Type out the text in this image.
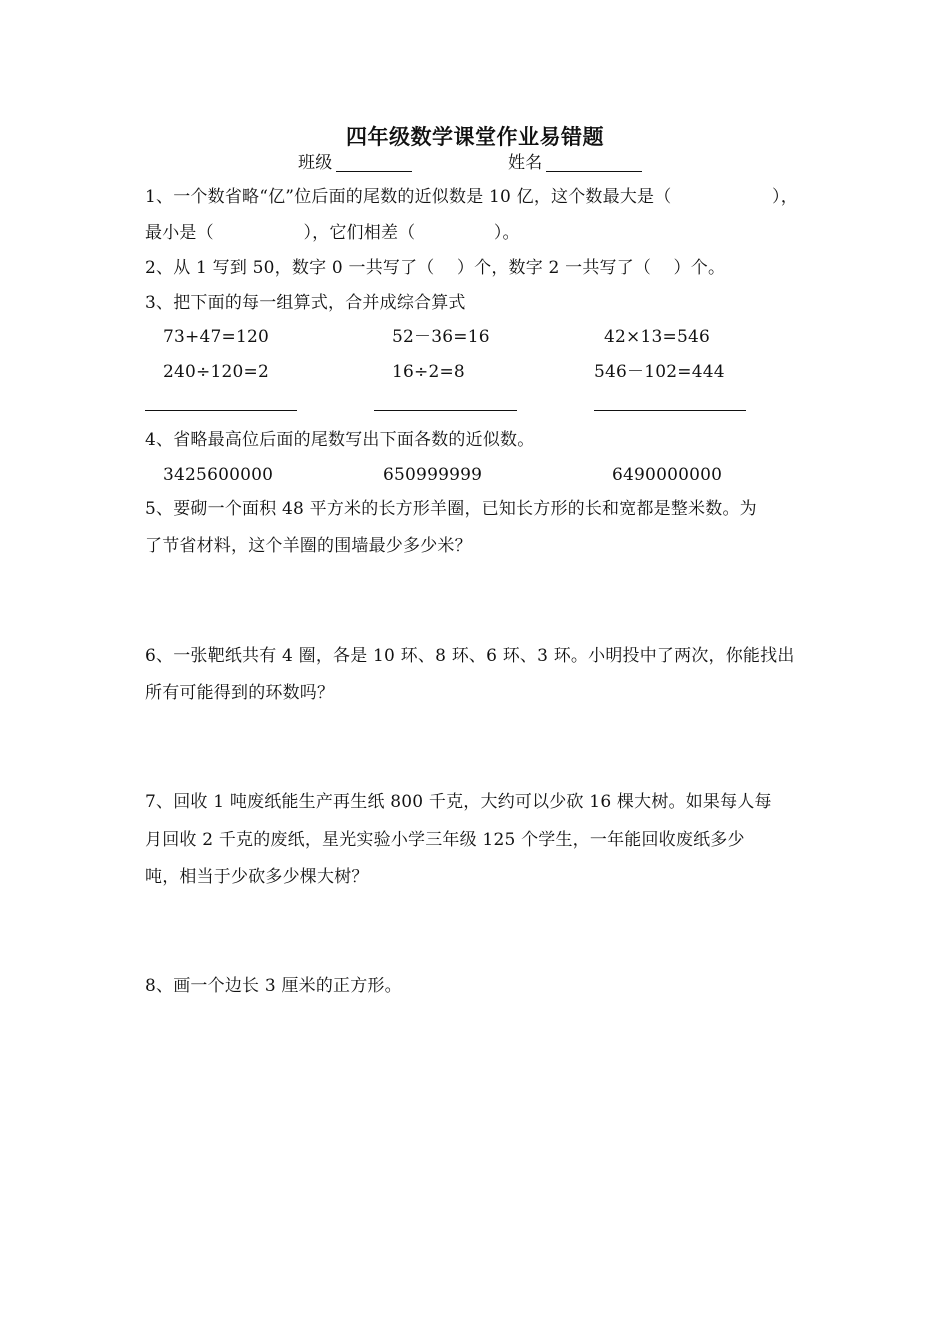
四年级数学课堂作业易错题
班级	姓名
1、一个数省略“亿”位后面的尾数的近似数是 10 亿，这个数最大是（	），
最小是（                ），它们相差（              ）。
2、从 1 写到 50，数字 0 一共写了（    ）个，数字 2 一共写了（    ）个。
3、把下面的每一组算式，合并成综合算式
73+47=120	52－36=16	42×13=546
240÷120=2	16÷2=8	546－102=444
4、省略最高位后面的尾数写出下面各数的近似数。
3425600000	650999999	6490000000
5、要砌一个面积 48 平方米的长方形羊圈，已知长方形的长和宽都是整米数。为
了节省材料，这个羊圈的围墙最少多少米？
6、一张靶纸共有 4 圈，各是 10 环、8 环、6 环、3 环。小明投中了两次，你能找出
所有可能得到的环数吗？
7、回收 1 吨废纸能生产再生纸 800 千克，大约可以少砍 16 棵大树。如果每人每
月回收 2 千克的废纸，星光实验小学三年级 125 个学生，一年能回收废纸多少
吨，相当于少砍多少棵大树？
8、画一个边长 3 厘米的正方形。
